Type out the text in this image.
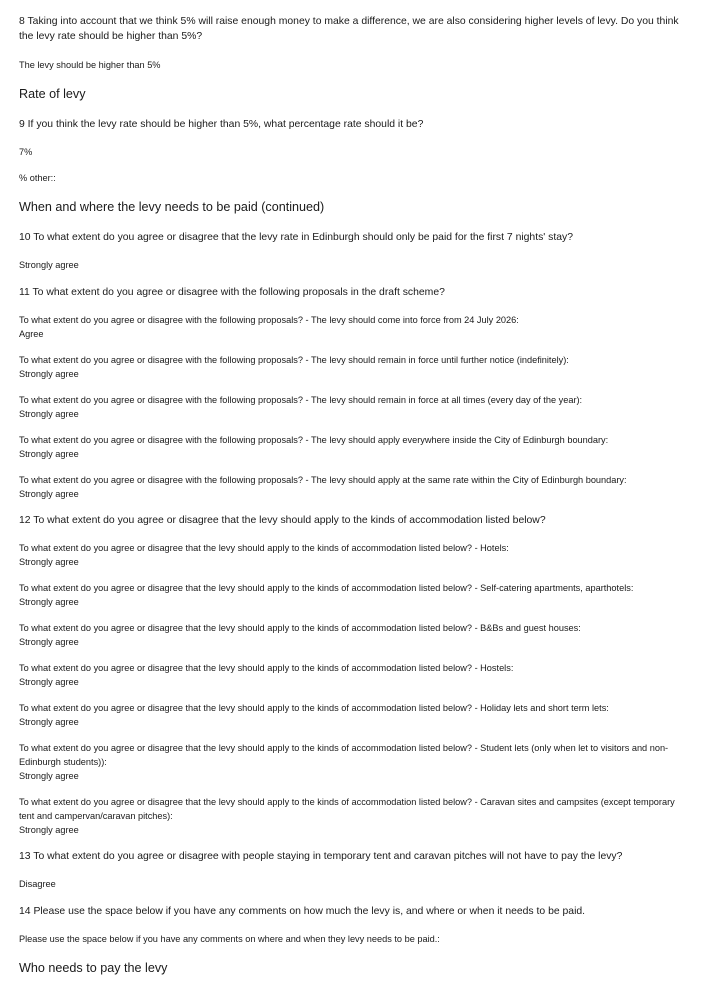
8 Taking into account that we think 5% will raise enough money to make a difference, we are also considering higher levels of levy. Do you think the levy rate should be higher than 5%?

The levy should be higher than 5%

Rate of levy

9 If you think the levy rate should be higher than 5%, what percentage rate should it be?

7%

% other::

When and where the levy needs to be paid (continued)

10 To what extent do you agree or disagree that the levy rate in Edinburgh should only be paid for the first 7 nights' stay?

Strongly agree

11 To what extent do you agree or disagree with the following proposals in the draft scheme?

To what extent do you agree or disagree with the following proposals? - The levy should come into force from 24 July 2026:
Agree
To what extent do you agree or disagree with the following proposals? - The levy should remain in force until further notice (indefinitely):
Strongly agree
To what extent do you agree or disagree with the following proposals? - The levy should remain in force at all times (every day of the year):
Strongly agree
To what extent do you agree or disagree with the following proposals? - The levy should apply everywhere inside the City of Edinburgh boundary:
Strongly agree
To what extent do you agree or disagree with the following proposals? - The levy should apply at the same rate within the City of Edinburgh boundary:
Strongly agree

12 To what extent do you agree or disagree that the levy should apply to the kinds of accommodation listed below?

To what extent do you agree or disagree that the levy should apply to the kinds of accommodation listed below? - Hotels:
Strongly agree
To what extent do you agree or disagree that the levy should apply to the kinds of accommodation listed below? - Self-catering apartments, aparthotels:
Strongly agree
To what extent do you agree or disagree that the levy should apply to the kinds of accommodation listed below? - B&Bs and guest houses:
Strongly agree
To what extent do you agree or disagree that the levy should apply to the kinds of accommodation listed below? - Hostels:
Strongly agree
To what extent do you agree or disagree that the levy should apply to the kinds of accommodation listed below? - Holiday lets and short term lets:
Strongly agree
To what extent do you agree or disagree that the levy should apply to the kinds of accommodation listed below? - Student lets (only when let to visitors and non-Edinburgh students)):
Strongly agree
To what extent do you agree or disagree that the levy should apply to the kinds of accommodation listed below? - Caravan sites and campsites (except temporary tent and campervan/caravan pitches):
Strongly agree

13 To what extent do you agree or disagree with people staying in temporary tent and caravan pitches will not have to pay the levy?

Disagree

14 Please use the space below if you have any comments on how much the levy is, and where or when it needs to be paid.

Please use the space below if you have any comments on where and when they levy needs to be paid.:

Who needs to pay the levy
